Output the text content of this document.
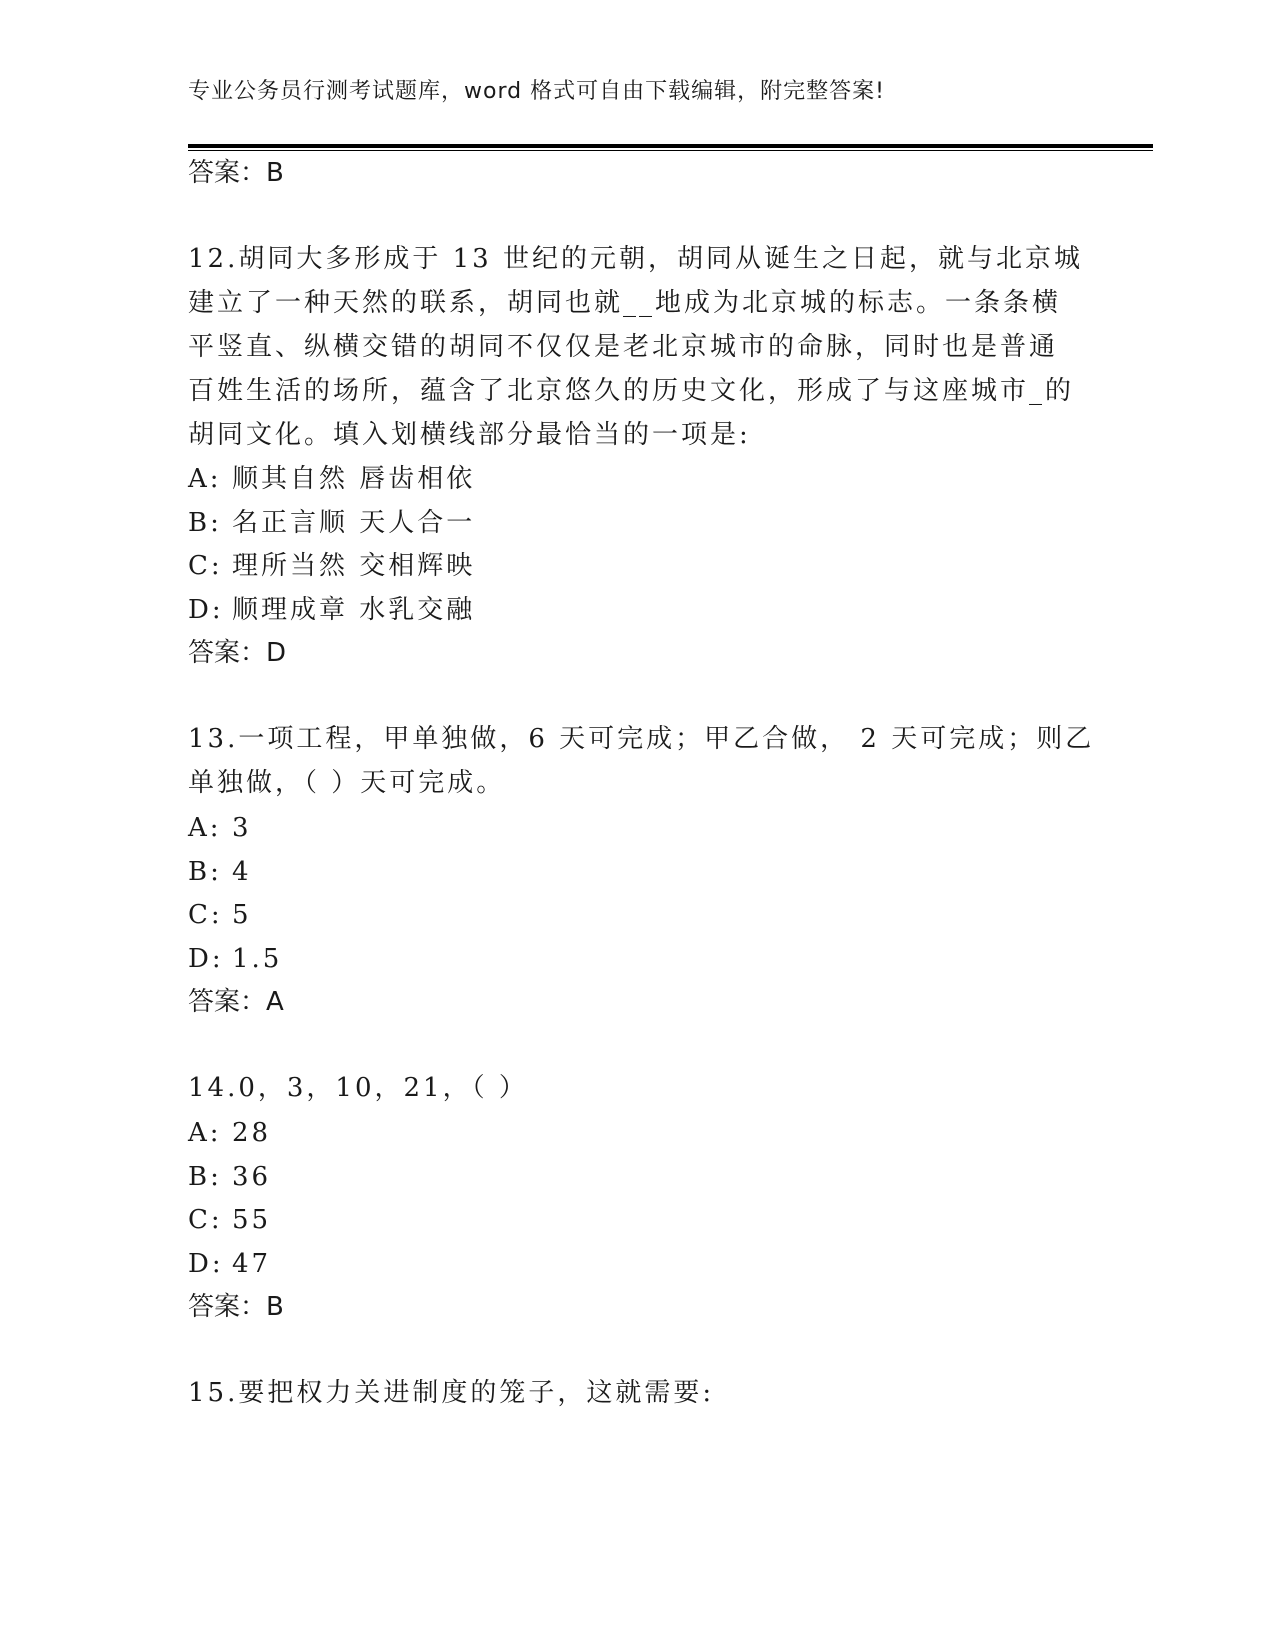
专业公务员行测考试题库，word 格式可自由下载编辑，附完整答案!
答案：B
12.胡同大多形成于 13 世纪的元朝，胡同从诞生之日起，就与北京城
建立了一种天然的联系，胡同也就__地成为北京城的标志。一条条横
平竖直、纵横交错的胡同不仅仅是老北京城市的命脉，同时也是普通
百姓生活的场所，蕴含了北京悠久的历史文化，形成了与这座城市_的
胡同文化。填入划横线部分最恰当的一项是:
A: 顺其自然 唇齿相依
B: 名正言顺 天人合一
C: 理所当然 交相辉映
D: 顺理成章 水乳交融
答案：D
13.一项工程，甲单独做，6 天可完成；甲乙合做， 2 天可完成；则乙
单独做，（ ）天可完成。
A: 3
B: 4
C: 5
D: 1.5
答案：A
14.0，3，10，21，（ ）
A: 28
B: 36
C: 55
D: 47
答案：B
15.要把权力关进制度的笼子，这就需要:
